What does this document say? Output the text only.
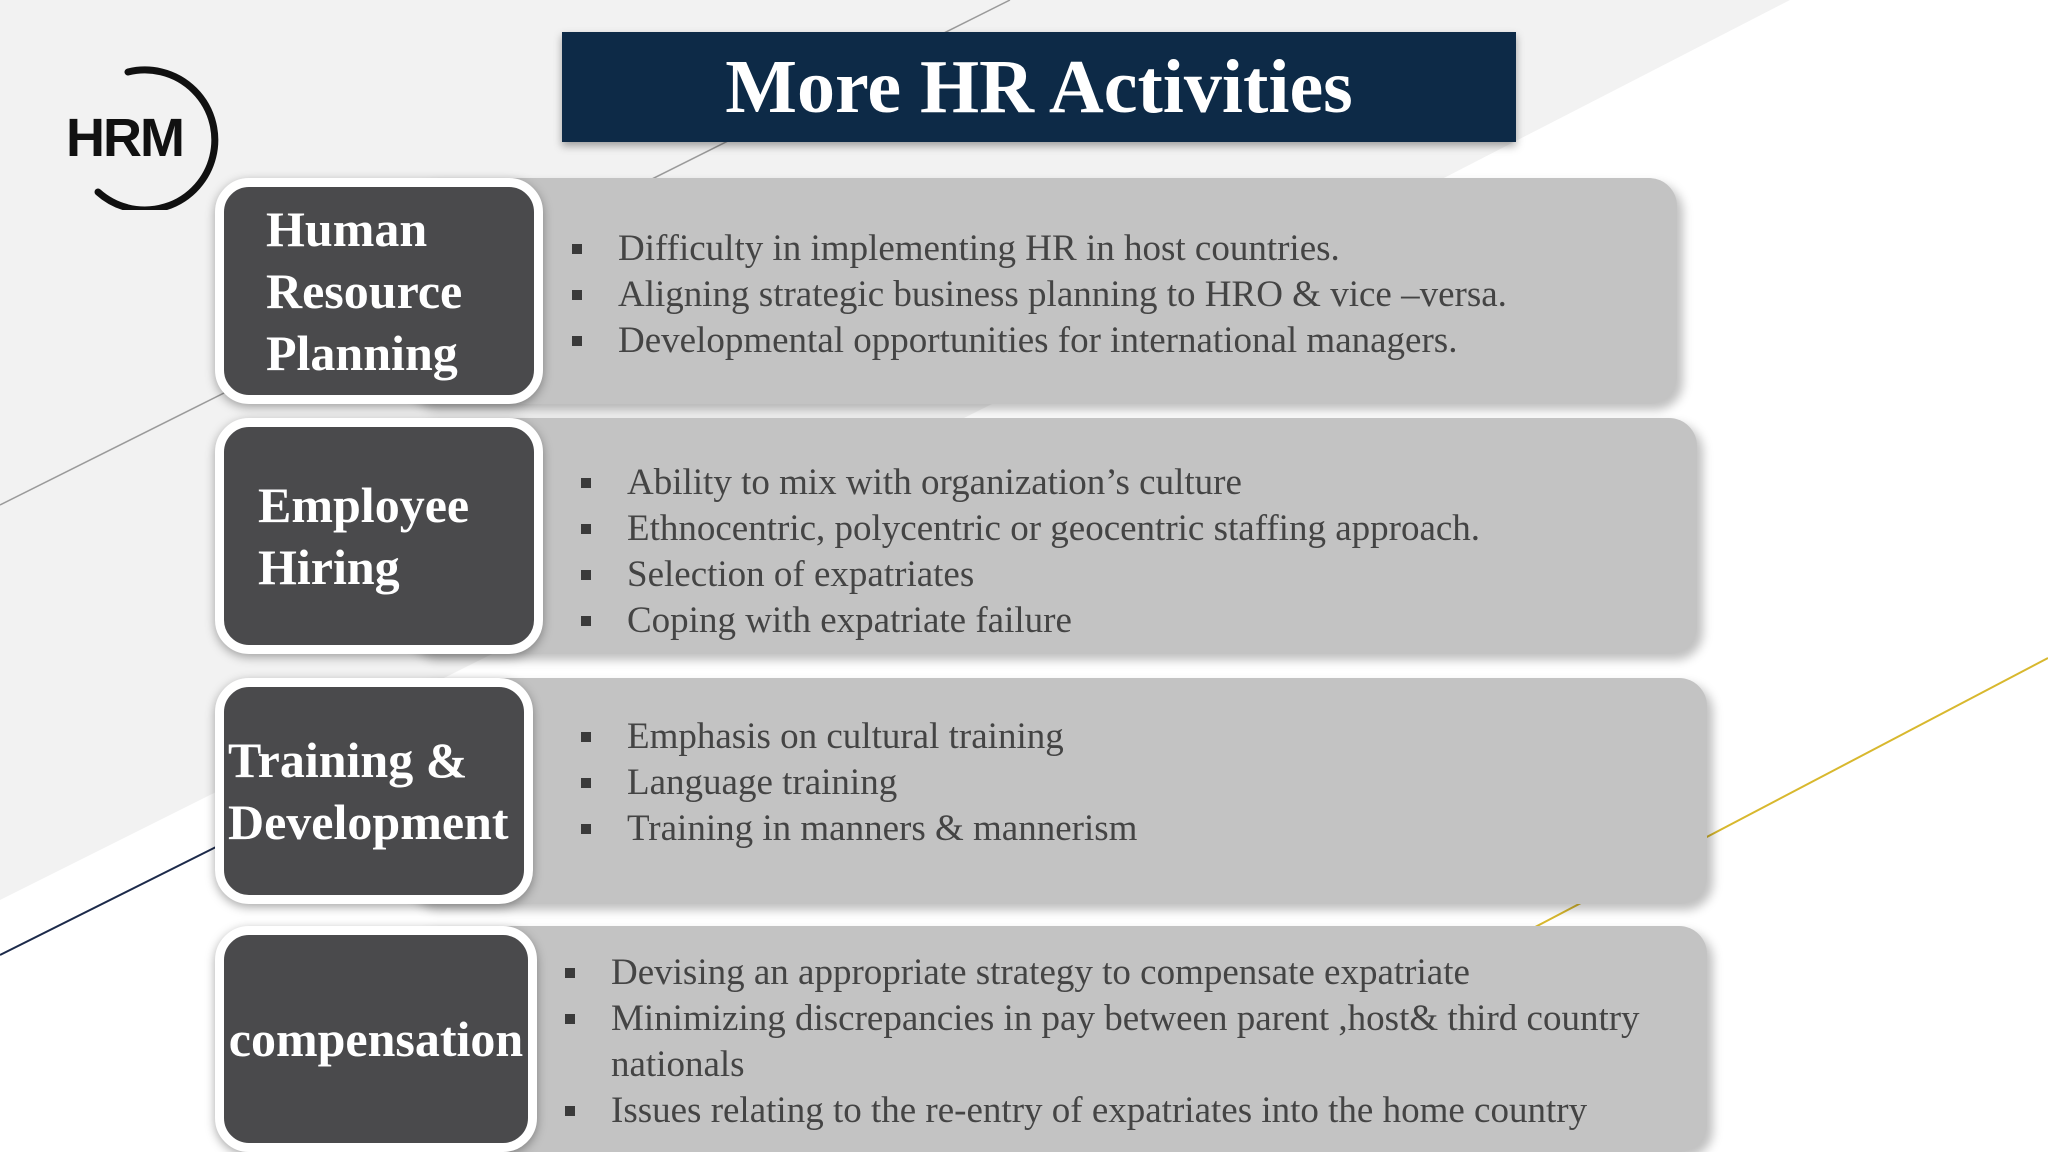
HRM
More HR Activities
Human
Resource
Planning
Difficulty in implementing HR in host countries.
Aligning strategic business planning to HRO & vice –versa.
Developmental opportunities for international managers.
Employee
Hiring
Ability to mix with organization’s culture
Ethnocentric, polycentric or geocentric staffing approach.
Selection of expatriates
Coping with expatriate failure
Training &
Development
Emphasis on cultural training
Language training
Training in manners & mannerism
compensation
Devising an appropriate strategy to compensate expatriate
Minimizing discrepancies in pay between parent ,host& third country nationals
Issues relating to the re-entry of expatriates into the home country
